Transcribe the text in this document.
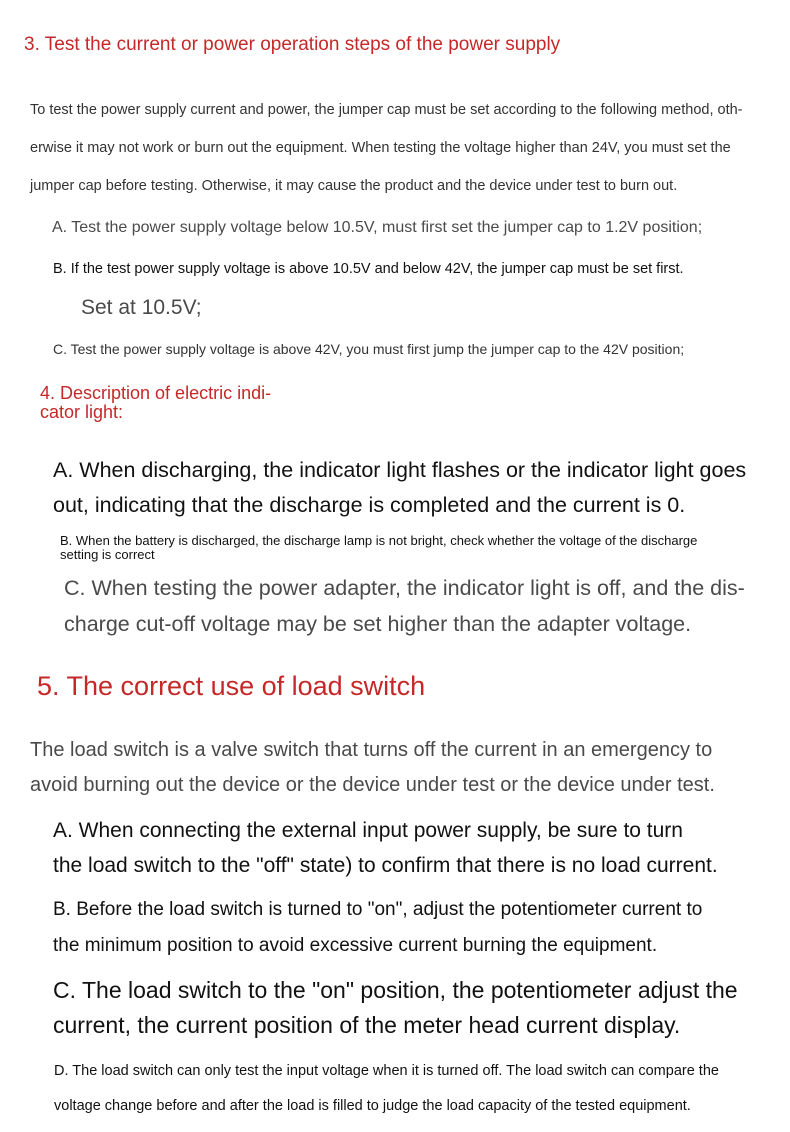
3. Test the current or power operation steps of the power supply

To test the power supply current and power, the jumper cap must be set according to the following method, oth-

erwise it may not work or burn out the equipment. When testing the voltage higher than 24V, you must set the

jumper cap before testing. Otherwise, it may cause the product and the device under test to burn out.

A. Test the power supply voltage below 10.5V, must first set the jumper cap to 1.2V position;

B. If the test power supply voltage is above 10.5V and below 42V, the jumper cap must be set first.

Set at 10.5V;

C. Test the power supply voltage is above 42V, you must first jump the jumper cap to the 42V position;

4. Description of electric indi-
cator light:

A. When discharging, the indicator light flashes or the indicator light goes

out, indicating that the discharge is completed and the current is 0.

B. When the battery is discharged, the discharge lamp is not bright, check whether the voltage of the discharge

setting is correct

C. When testing the power adapter, the indicator light is off, and the dis-

charge cut-off voltage may be set higher than the adapter voltage.

5. The correct use of load switch

The load switch is a valve switch that turns off the current in an emergency to

avoid burning out the device or the device under test or the device under test.

A. When connecting the external input power supply, be sure to turn

the load switch to the "off" state) to confirm that there is no load current.

B. Before the load switch is turned to "on", adjust the potentiometer current to

the minimum position to avoid excessive current burning the equipment.

C. The load switch to the "on" position, the potentiometer adjust the

current, the current position of the meter head current display.

D. The load switch can only test the input voltage when it is turned off. The load switch can compare the

voltage change before and after the load is filled to judge the load capacity of the tested equipment.
